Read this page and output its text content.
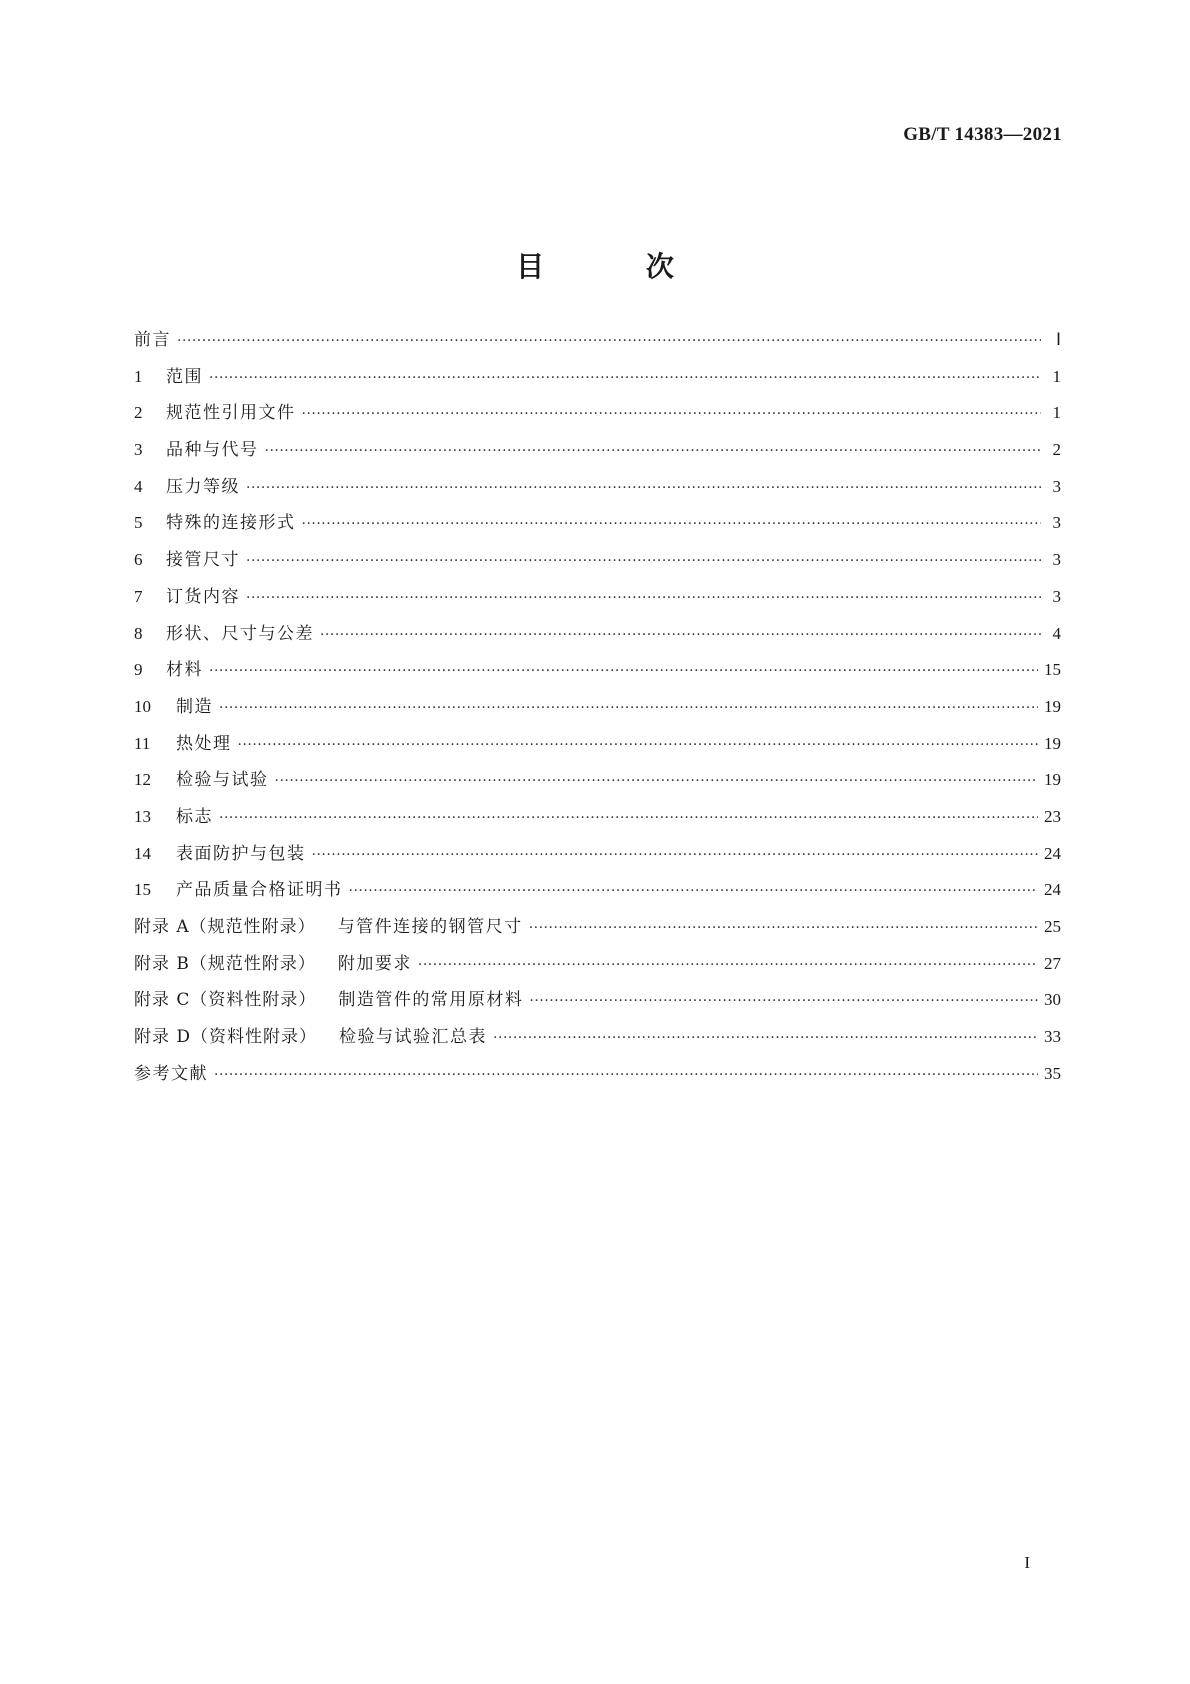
GB/T 14383—2021
目 次
前言 ·····	Ⅰ
1	范围 ·····	1
2	规范性引用文件 ·····	1
3	品种与代号 ·····	2
4	压力等级 ·····	3
5	特殊的连接形式 ·····	3
6	接管尺寸 ·····	3
7	订货内容 ·····	3
8	形状、尺寸与公差 ·····	4
9	材料 ·····	15
10	制造 ·····	19
11	热处理 ·····	19
12	检验与试验 ·····	19
13	标志 ·····	23
14	表面防护与包装 ·····	24
15	产品质量合格证明书 ·····	24
附录 A（规范性附录） 与管件连接的钢管尺寸 ·····	25
附录 B（规范性附录） 附加要求 ·····	27
附录 C（资料性附录） 制造管件的常用原材料 ·····	30
附录 D（资料性附录） 检验与试验汇总表 ·····	33
参考文献 ·····	35
I
